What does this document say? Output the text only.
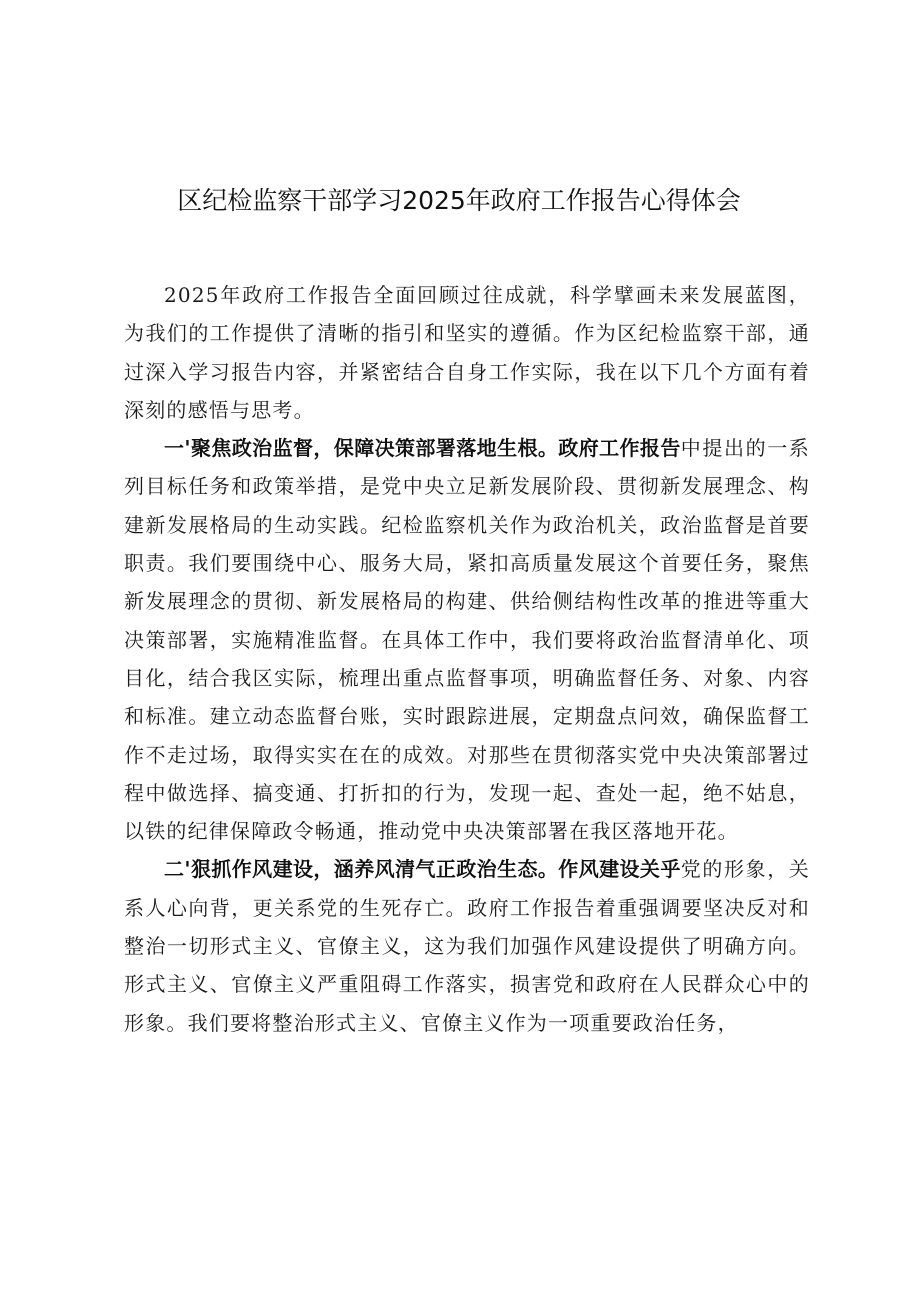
区纪检监察干部学习2025年政府工作报告心得体会

2025年政府工作报告全面回顾过往成就，科学擘画未来发展蓝图，为我们的工作提供了清晰的指引和坚实的遵循。作为区纪检监察干部，通过深入学习报告内容，并紧密结合自身工作实际，我在以下几个方面有着深刻的感悟与思考。

一'聚焦政治监督，保障决策部署落地生根。政府工作报告中提出的一系列目标任务和政策举措，是党中央立足新发展阶段、贯彻新发展理念、构建新发展格局的生动实践。纪检监察机关作为政治机关，政治监督是首要职责。我们要围绕中心、服务大局，紧扣高质量发展这个首要任务，聚焦新发展理念的贯彻、新发展格局的构建、供给侧结构性改革的推进等重大决策部署，实施精准监督。在具体工作中，我们要将政治监督清单化、项目化，结合我区实际，梳理出重点监督事项，明确监督任务、对象、内容和标准。建立动态监督台账，实时跟踪进展，定期盘点问效，确保监督工作不走过场，取得实实在在的成效。对那些在贯彻落实党中央决策部署过程中做选择、搞变通、打折扣的行为，发现一起、查处一起，绝不姑息，以铁的纪律保障政令畅通，推动党中央决策部署在我区落地开花。

二'狠抓作风建设，涵养风清气正政治生态。作风建设关乎党的形象，关系人心向背，更关系党的生死存亡。政府工作报告着重强调要坚决反对和整治一切形式主义、官僚主义，这为我们加强作风建设提供了明确方向。形式主义、官僚主义严重阻碍工作落实，损害党和政府在人民群众心中的形象。我们要将整治形式主义、官僚主义作为一项重要政治任务，
